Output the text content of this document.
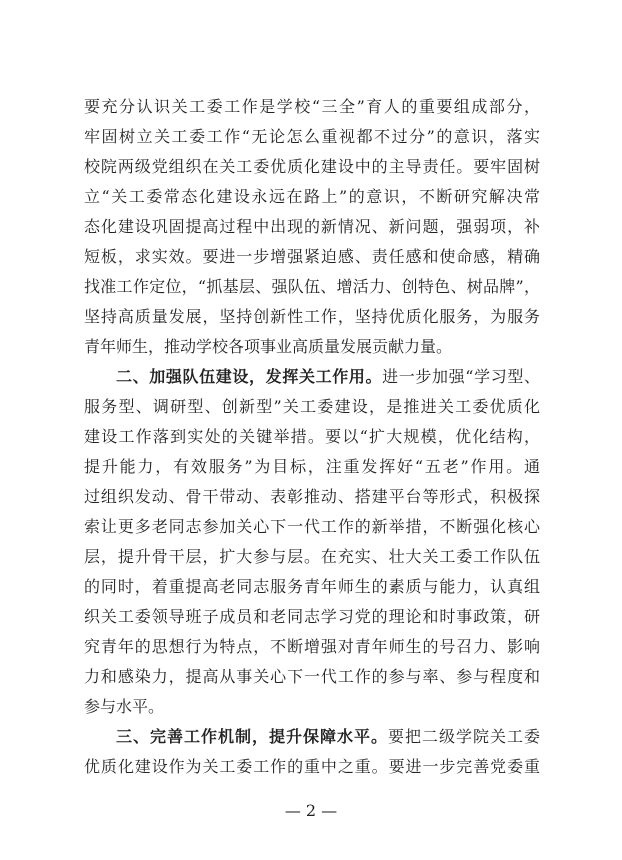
要充分认识关工委工作是学校“三全”育人的重要组成部分，
牢固树立关工委工作“无论怎么重视都不过分”的意识，落实
校院两级党组织在关工委优质化建设中的主导责任。要牢固树
立“关工委常态化建设永远在路上”的意识，不断研究解决常
态化建设巩固提高过程中出现的新情况、新问题，强弱项，补
短板，求实效。要进一步增强紧迫感、责任感和使命感，精确
找准工作定位，“抓基层、强队伍、增活力、创特色、树品牌”，
坚持高质量发展，坚持创新性工作，坚持优质化服务，为服务
青年师生，推动学校各项事业高质量发展贡献力量。
二、加强队伍建设，发挥关工作用。进一步加强“学习型、
服务型、调研型、创新型”关工委建设，是推进关工委优质化
建设工作落到实处的关键举措。要以“扩大规模，优化结构，
提升能力，有效服务”为目标，注重发挥好“五老”作用。通
过组织发动、骨干带动、表彰推动、搭建平台等形式，积极探
索让更多老同志参加关心下一代工作的新举措，不断强化核心
层，提升骨干层，扩大参与层。在充实、壮大关工委工作队伍
的同时，着重提高老同志服务青年师生的素质与能力，认真组
织关工委领导班子成员和老同志学习党的理论和时事政策，研
究青年的思想行为特点，不断增强对青年师生的号召力、影响
力和感染力，提高从事关心下一代工作的参与率、参与程度和
参与水平。
三、完善工作机制，提升保障水平。要把二级学院关工委
优质化建设作为关工委工作的重中之重。要进一步完善党委重
— 2 —
